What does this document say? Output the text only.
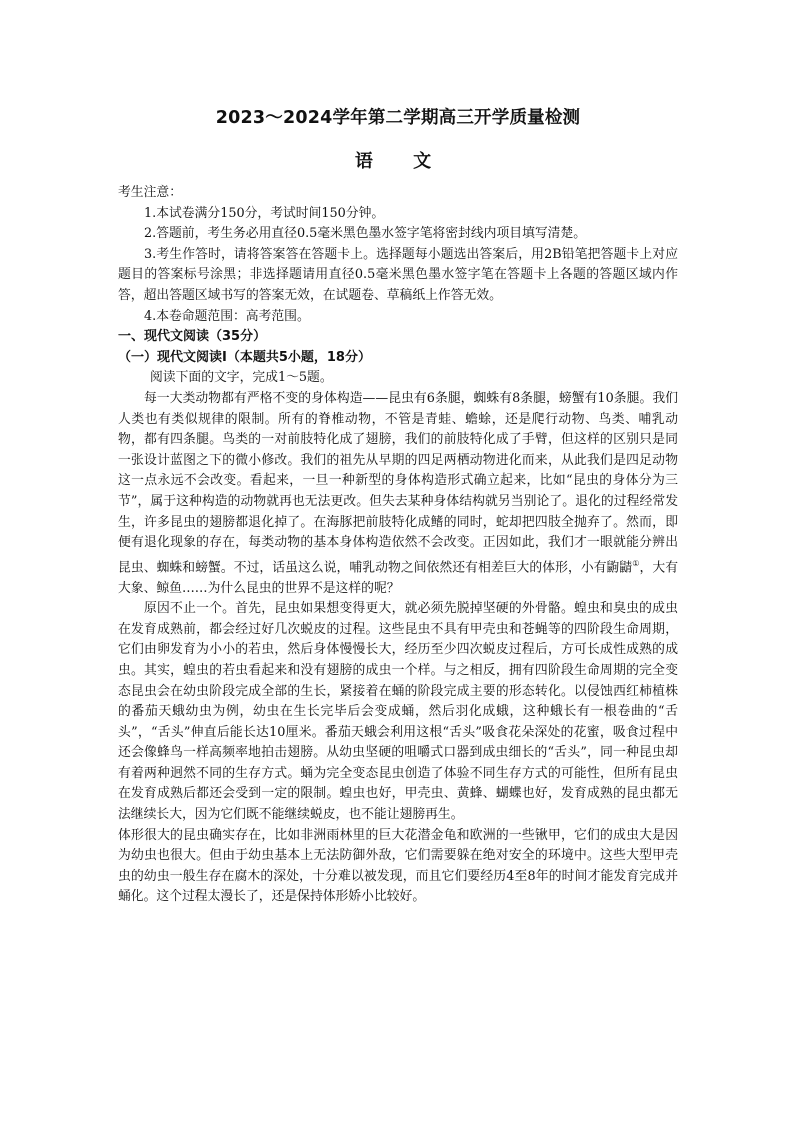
2023～2024学年第二学期高三开学质量检测
语 文

考生注意：

1.本试卷满分150分，考试时间150分钟。

2.答题前，考生务必用直径0.5毫米黑色墨水签字笔将密封线内项目填写清楚。

3.考生作答时，请将答案答在答题卡上。选择题每小题选出答案后，用2B铅笔把答题卡上对应题目的答案标号涂黑；非选择题请用直径0.5毫米黑色墨水签字笔在答题卡上各题的答题区域内作答，超出答题区域书写的答案无效，在试题卷、草稿纸上作答无效。

4.本卷命题范围：高考范围。

一、现代文阅读（35分）

（一）现代文阅读Ⅰ（本题共5小题，18分）

阅读下面的文字，完成1～5题。

每一大类动物都有严格不变的身体构造——昆虫有6条腿，蜘蛛有8条腿，螃蟹有10条腿。我们人类也有类似规律的限制。所有的脊椎动物，不管是青蛙、蟾蜍，还是爬行动物、鸟类、哺乳动物，都有四条腿。鸟类的一对前肢特化成了翅膀，我们的前肢特化成了手臂，但这样的区别只是同一张设计蓝图之下的微小修改。我们的祖先从早期的四足两栖动物进化而来，从此我们是四足动物这一点永远不会改变。看起来，一旦一种新型的身体构造形式确立起来，比如“昆虫的身体分为三节”，属于这种构造的动物就再也无法更改。但失去某种身体结构就另当别论了。退化的过程经常发生，许多昆虫的翅膀都退化掉了。在海豚把前肢特化成鳍的同时，蛇却把四肢全抛弃了。然而，即便有退化现象的存在，每类动物的基本身体构造依然不会改变。正因如此，我们才一眼就能分辨出昆虫、蜘蛛和螃蟹。不过，话虽这么说，哺乳动物之间依然还有相差巨大的体形，小有鼩鼱①，大有大象、鲸鱼……为什么昆虫的世界不是这样的呢？

原因不止一个。首先，昆虫如果想变得更大，就必须先脱掉坚硬的外骨骼。蝗虫和臭虫的成虫在发育成熟前，都会经过好几次蜕皮的过程。这些昆虫不具有甲壳虫和苍蝇等的四阶段生命周期，它们由卵发育为小小的若虫，然后身体慢慢长大，经历至少四次蜕皮过程后，方可长成性成熟的成虫。其实，蝗虫的若虫看起来和没有翅膀的成虫一个样。与之相反，拥有四阶段生命周期的完全变态昆虫会在幼虫阶段完成全部的生长，紧接着在蛹的阶段完成主要的形态转化。以侵蚀西红柿植株的番茄天蛾幼虫为例，幼虫在生长完毕后会变成蛹，然后羽化成蛾，这种蛾长有一根卷曲的“舌头”，“舌头”伸直后能长达10厘米。番茄天蛾会利用这根“舌头”吸食花朵深处的花蜜，吸食过程中还会像蜂鸟一样高频率地拍击翅膀。从幼虫坚硬的咀嚼式口器到成虫细长的“舌头”，同一种昆虫却有着两种迥然不同的生存方式。蛹为完全变态昆虫创造了体验不同生存方式的可能性，但所有昆虫在发育成熟后都还会受到一定的限制。蝗虫也好，甲壳虫、黄蜂、蝴蝶也好，发育成熟的昆虫都无法继续长大，因为它们既不能继续蜕皮，也不能让翅膀再生。

体形很大的昆虫确实存在，比如非洲雨林里的巨大花潜金龟和欧洲的一些锹甲，它们的成虫大是因为幼虫也很大。但由于幼虫基本上无法防御外敌，它们需要躲在绝对安全的环境中。这些大型甲壳虫的幼虫一般生存在腐木的深处，十分难以被发现，而且它们要经历4至8年的时间才能发育完成并蛹化。这个过程太漫长了，还是保持体形娇小比较好。
